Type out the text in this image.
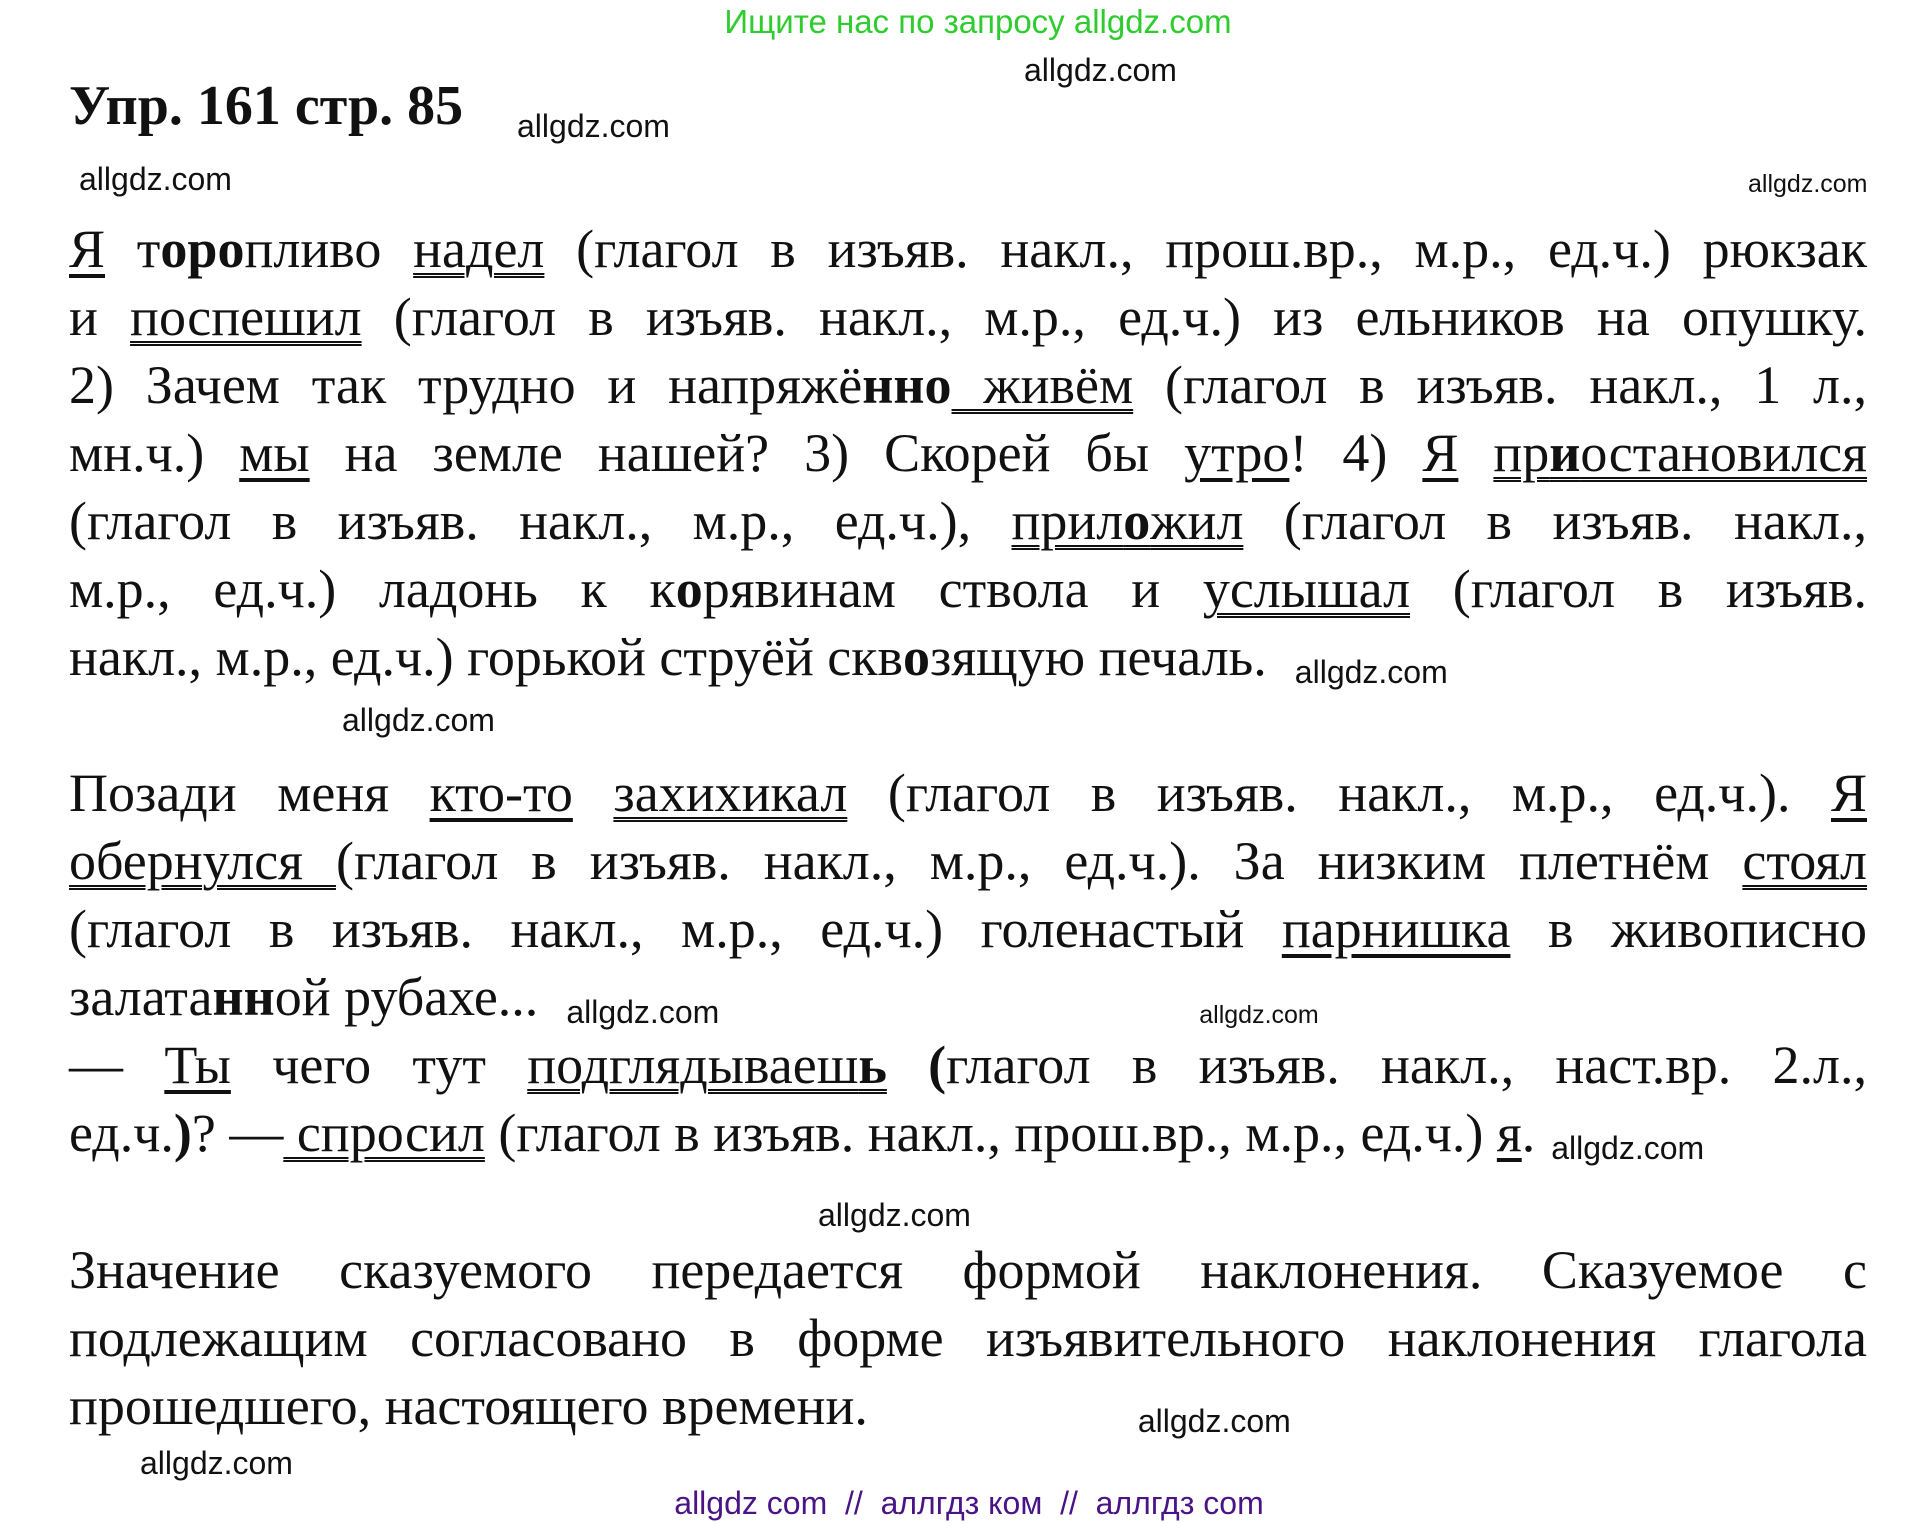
Ищите нас по запросу allgdz.com
allgdz.com
Упр. 161 стр. 85 allgdz.com
allgdz.com	allgdz.com
Я торопливо надел (глагол в изъяв. накл., прош.вр., м.р., ед.ч.) рюкзак
и поспешил (глагол в изъяв. накл., м.р., ед.ч.) из ельников на опушку.
2) Зачем так трудно и напряжённо живём (глагол в изъяв. накл., 1 л.,
мн.ч.) мы на земле нашей? 3) Скорей бы утро! 4) Я приостановился
(глагол в изъяв. накл., м.р., ед.ч.), приложил (глагол в изъяв. накл.,
м.р., ед.ч.) ладонь к корявинам ствола и услышал (глагол в изъяв.
накл., м.р., ед.ч.) горькой струёй сквозящую печаль. allgdz.com
allgdz.com
Позади меня кто-то захихикал (глагол в изъяв. накл., м.р., ед.ч.). Я
обернулся (глагол в изъяв. накл., м.р., ед.ч.). За низким плетнём стоял
(глагол в изъяв. накл., м.р., ед.ч.) голенастый парнишка в живописно
залатанной рубахе... allgdz.com	allgdz.com
— Ты чего тут подглядываешь (глагол в изъяв. накл., наст.вр. 2.л.,
ед.ч.)? — спросил (глагол в изъяв. накл., прош.вр., м.р., ед.ч.) я. allgdz.com
allgdz.com
Значение сказуемого передается формой наклонения. Сказуемое с
подлежащим согласовано в форме изъявительного наклонения глагола
прошедшего, настоящего времени.	allgdz.com
allgdz.com
allgdz com  //  аллгдз ком  //  аллгдз com
